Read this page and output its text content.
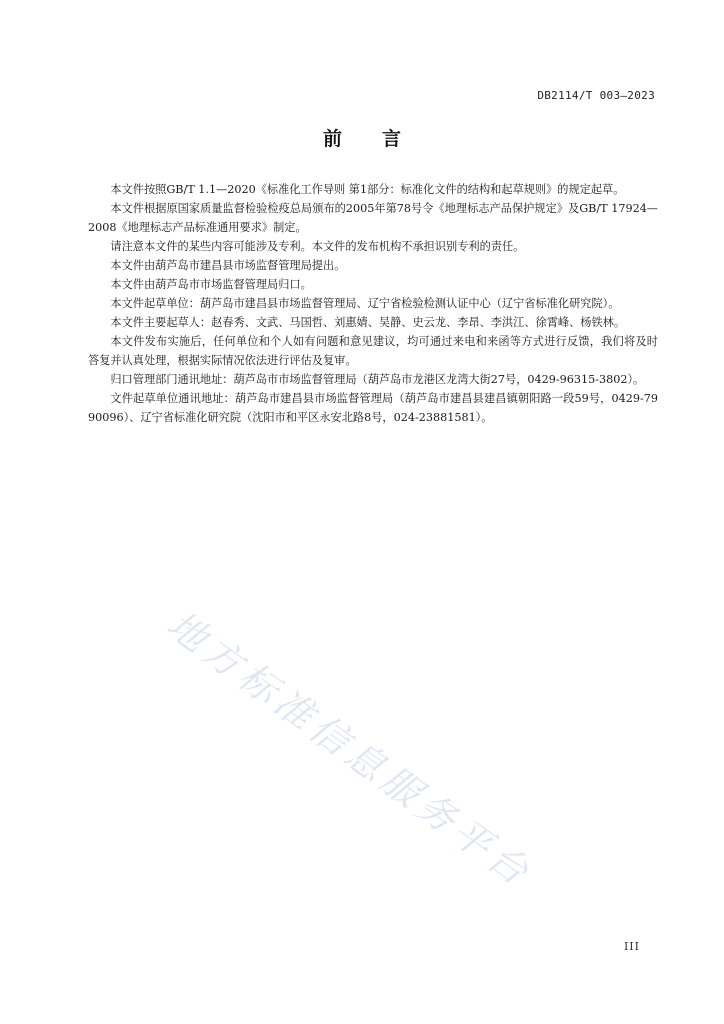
DB2114/T 003—2023
前言

本文件按照GB/T 1.1—2020《标准化工作导则 第1部分：标准化文件的结构和起草规则》的规定起草。

本文件根据原国家质量监督检验检疫总局颁布的2005年第78号令《地理标志产品保护规定》及GB/T 17924—2008《地理标志产品标准通用要求》制定。

请注意本文件的某些内容可能涉及专利。本文件的发布机构不承担识别专利的责任。

本文件由葫芦岛市建昌县市场监督管理局提出。

本文件由葫芦岛市市场监督管理局归口。

本文件起草单位：葫芦岛市建昌县市场监督管理局、辽宁省检验检测认证中心（辽宁省标准化研究院）。

本文件主要起草人：赵春秀、文武、马国哲、刘惠婧、吴静、史云龙、李昂、李洪江、徐霄峰、杨铁林。

本文件发布实施后，任何单位和个人如有问题和意见建议，均可通过来电和来函等方式进行反馈，我们将及时答复并认真处理，根据实际情况依法进行评估及复审。

归口管理部门通讯地址：葫芦岛市市场监督管理局（葫芦岛市龙港区龙湾大街27号，0429-96315-3802）。

文件起草单位通讯地址：葫芦岛市建昌县市场监督管理局（葫芦岛市建昌县建昌镇朝阳路一段59号，0429-7990096）、辽宁省标准化研究院（沈阳市和平区永安北路8号，024-23881581）。

地方标准信息服务平台
III
